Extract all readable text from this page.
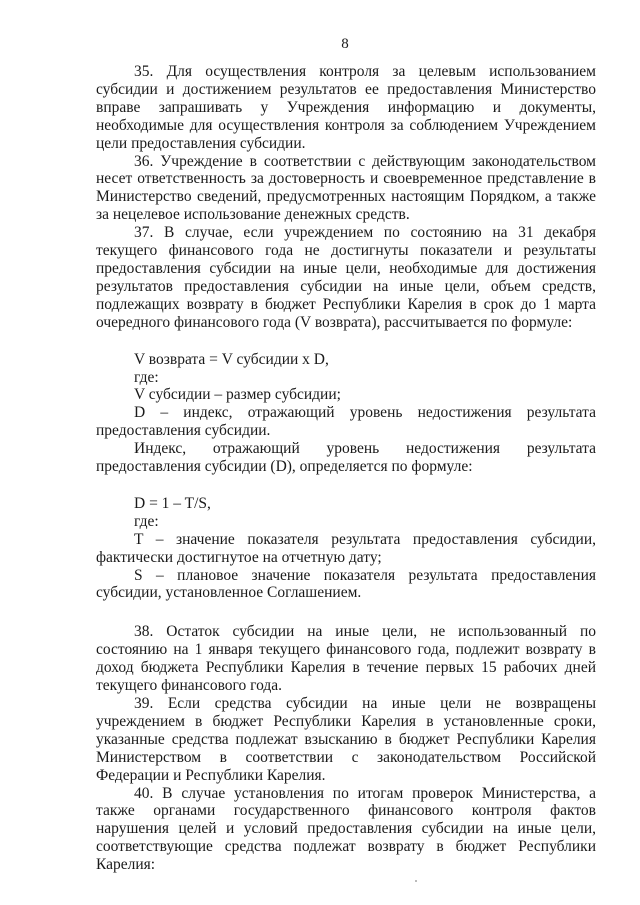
8

35. Для осуществления контроля за целевым использованием субсидии и достижением результатов ее предоставления Министерство вправе запрашивать у Учреждения информацию и документы, необходимые для осуществления контроля за соблюдением Учреждением цели предоставления субсидии.

36. Учреждение в соответствии с действующим законодательством несет ответственность за достоверность и своевременное представление в Министерство сведений, предусмотренных настоящим Порядком, а также за нецелевое использование денежных средств.

37. В случае, если учреждением по состоянию на 31 декабря текущего финансового года не достигнуты показатели и результаты предоставления субсидии на иные цели, необходимые для достижения результатов предоставления субсидии на иные цели, объем средств, подлежащих возврату в бюджет Республики Карелия в срок до 1 марта очередного финансового года (V возврата), рассчитывается по формуле:

V возврата = V субсидии x D,
где:
V субсидии – размер субсидии;

D – индекс, отражающий уровень недостижения результата предоставления субсидии.

Индекс, отражающий уровень недостижения результата предоставления субсидии (D), определяется по формуле:

D = 1 – T/S,
где:

T – значение показателя результата предоставления субсидии, фактически достигнутое на отчетную дату;

S – плановое значение показателя результата предоставления субсидии, установленное Соглашением.

38. Остаток субсидии на иные цели, не использованный по состоянию на 1 января текущего финансового года, подлежит возврату в доход бюджета Республики Карелия в течение первых 15 рабочих дней текущего финансового года.

39. Если средства субсидии на иные цели не возвращены учреждением в бюджет Республики Карелия в установленные сроки, указанные средства подлежат взысканию в бюджет Республики Карелия Министерством в соответствии с законодательством Российской Федерации и Республики Карелия.

40. В случае установления по итогам проверок Министерства, а также органами государственного финансового контроля фактов нарушения целей и условий предоставления субсидии на иные цели, соответствующие средства подлежат возврату в бюджет Республики Карелия:
